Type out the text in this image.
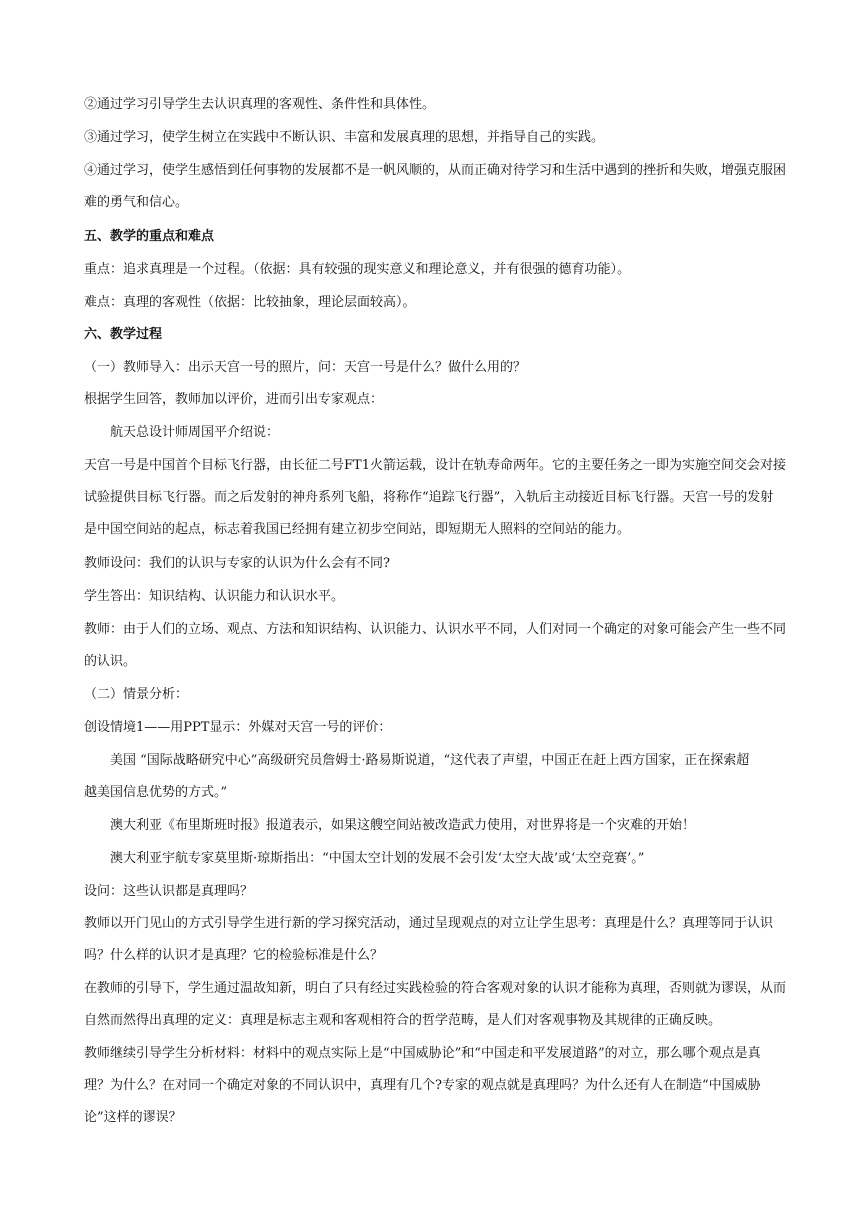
②通过学习引导学生去认识真理的客观性、条件性和具体性。
③通过学习，使学生树立在实践中不断认识、丰富和发展真理的思想，并指导自己的实践。
④通过学习，使学生感悟到任何事物的发展都不是一帆风顺的，从而正确对待学习和生活中遇到的挫折和失败，增强克服困
难的勇气和信心。
五、教学的重点和难点
重点：追求真理是一个过程。（依据：具有较强的现实意义和理论意义，并有很强的德育功能）。
难点：真理的客观性（依据：比较抽象，理论层面较高）。
六、教学过程
（一）教师导入：出示天宫一号的照片，问：天宫一号是什么？做什么用的？
根据学生回答，教师加以评价，进而引出专家观点：
航天总设计师周国平介绍说：
天宫一号是中国首个目标飞行器，由长征二号FT1火箭运载，设计在轨寿命两年。它的主要任务之一即为实施空间交会对接
试验提供目标飞行器。而之后发射的神舟系列飞船，将称作“追踪飞行器”，入轨后主动接近目标飞行器。天宫一号的发射
是中国空间站的起点，标志着我国已经拥有建立初步空间站，即短期无人照料的空间站的能力。
教师设问：我们的认识与专家的认识为什么会有不同?
学生答出：知识结构、认识能力和认识水平。
教师：由于人们的立场、观点、方法和知识结构、认识能力、认识水平不同，人们对同一个确定的对象可能会产生一些不同
的认识。
（二）情景分析：
创设情境1——用PPT显示：外媒对天宫一号的评价：
美国 “国际战略研究中心”高级研究员詹姆士·路易斯说道，“这代表了声望，中国正在赶上西方国家，正在探索超
越美国信息优势的方式。”
澳大利亚《布里斯班时报》报道表示，如果这艘空间站被改造武力使用，对世界将是一个灾难的开始！
澳大利亚宇航专家莫里斯·琼斯指出：“中国太空计划的发展不会引发‘太空大战’或‘太空竞赛’。”
设问：这些认识都是真理吗？
教师以开门见山的方式引导学生进行新的学习探究活动，通过呈现观点的对立让学生思考：真理是什么？真理等同于认识
吗？什么样的认识才是真理？它的检验标准是什么？
在教师的引导下，学生通过温故知新，明白了只有经过实践检验的符合客观对象的认识才能称为真理，否则就为谬误，从而
自然而然得出真理的定义：真理是标志主观和客观相符合的哲学范畴，是人们对客观事物及其规律的正确反映。
教师继续引导学生分析材料：材料中的观点实际上是“中国威胁论”和“中国走和平发展道路”的对立，那么哪个观点是真
理？为什么？在对同一个确定对象的不同认识中，真理有几个?专家的观点就是真理吗？为什么还有人在制造“中国威胁
论”这样的谬误？
